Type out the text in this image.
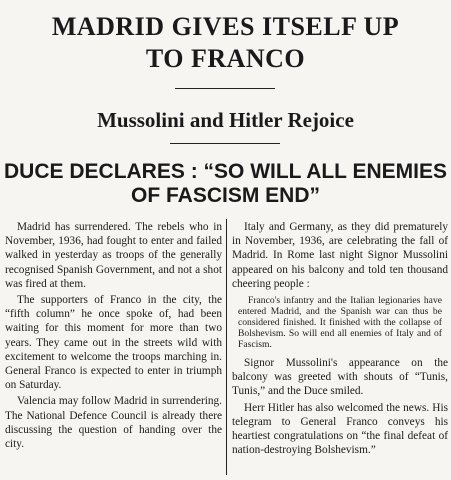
MADRID GIVES ITSELF UP
TO FRANCO
Mussolini and Hitler Rejoice
DUCE DECLARES : “SO WILL ALL ENEMIES
OF FASCISM END”

Madrid has surrendered. The rebels who in November, 1936, had fought to enter and failed walked in yesterday as troops of the generally recognised Spanish Government, and not a shot was fired at them.

The supporters of Franco in the city, the “fifth column” he once spoke of, had been waiting for this moment for more than two years. They came out in the streets wild with excitement to welcome the troops marching in. General Franco is expected to enter in triumph on Saturday.

Valencia may follow Madrid in surrendering. The National Defence Council is already there discussing the question of handing over the city.

Italy and Germany, as they did prematurely in November, 1936, are celebrating the fall of Madrid. In Rome last night Signor Mussolini appeared on his balcony and told ten thousand cheering people :

Franco's infantry and the Italian legionaries have entered Madrid, and the Spanish war can thus be considered finished. It finished with the collapse of Bolshevism. So will end all enemies of Italy and of Fascism.

Signor Mussolini's appearance on the balcony was greeted with shouts of “Tunis, Tunis,” and the Duce smiled.

Herr Hitler has also welcomed the news. His telegram to General Franco conveys his heartiest congratulations on “the final defeat of nation-destroying Bolshevism.”
